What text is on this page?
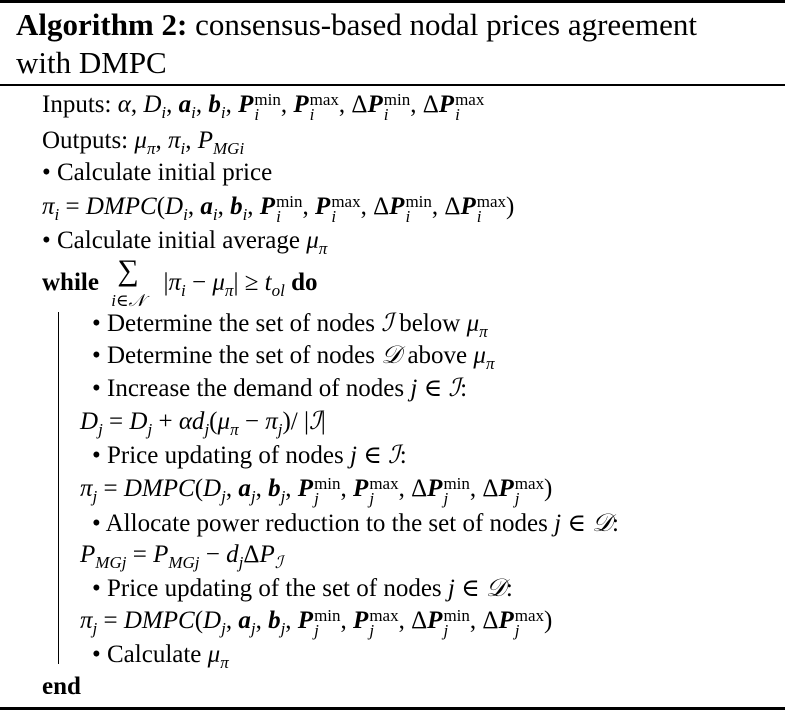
Algorithm 2: consensus-based nodal prices agreement
with DMPC
Inputs: α, $D_i$, $a_i$, $b_i$, P min
i , P max
i , ΔP min
i , ΔP max
i
Outputs: $\mu_\pi$, $\pi_i$, $P_{MGi}$
• Calculate initial price
$\pi_i$ = $DMPC(D_i$, $a_i$, $b_i$, P min
i , P max
i , ΔP min
i , ΔP max
i )
• Calculate initial average $\mu_\pi$
while ∑
i∈𝒩
$|\pi_i - \mu_\pi| \ge t_{ol}$ do
• Determine the set of nodes ℐ below $\mu_\pi$
• Determine the set of nodes 𝒟 above $\mu_\pi$
• Increase the demand of nodes j ∈ ℐ:
$D_j = D_j + \alpha d_j(\mu_\pi - \pi_j)/$ |ℐ|
• Price updating of nodes j ∈ ℐ:
$\pi_j$ = $DMPC(D_j$, $a_j$, $b_j$, P min
j , P max
j , ΔP min
j , ΔP max
j )
• Allocate power reduction to the set of nodes j ∈ 𝒟:
$P_{MGj} = P_{MGj} - d_j\Delta P_ℐ$
• Price updating of the set of nodes j ∈ 𝒟:
$\pi_j$ = $DMPC(D_j$, $a_j$, $b_j$, P min
j , P max
j , ΔP min
j , ΔP max
j )
• Calculate $\mu_\pi$
end
